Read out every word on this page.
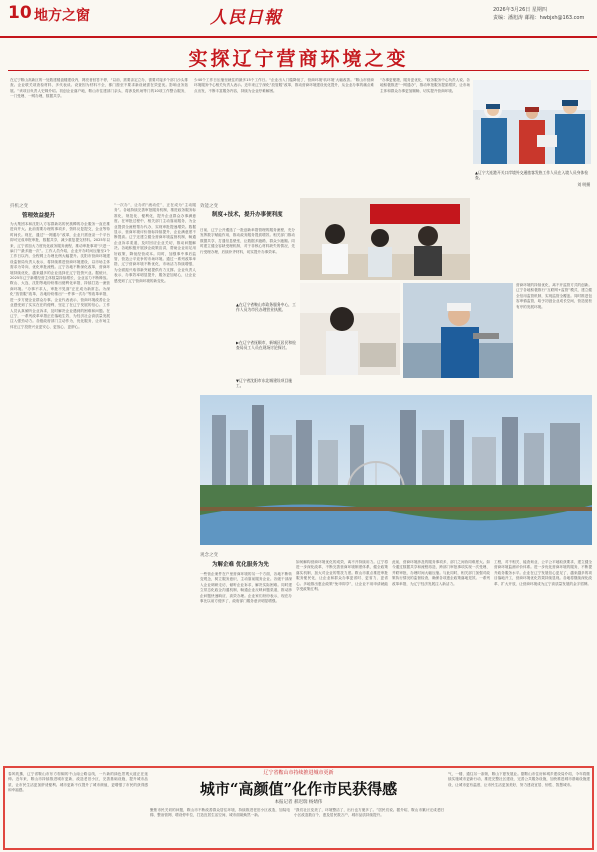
10 地方之窗	人民日報	2026年3月26日 星期四
责编：潘旭涛 邮箱：hwbjxh@163.com
实探辽宁营商环境之变
在辽宁鞍山高新区的一处数建楼盘楼建设内，网亮者回答不停，“以前，需要亲定立办，需要对接多个部门沙头排查。企业联关项查检材料，多代表谈。设查因为材料不全，都门窗至不要求新设就需在效更优。影响业务拓展。”该项目负责人史姝介绍。初创企业落户地，鞍山市住建部门亲头，将涉及机场等门的10项工作整合服务，一门受理、一网办理，数据共享。
少40个工作日压缩至就住的最多15个工作日。“企业出入门槛降低了，营商环境‘软环境’大幅改善。”鞍山市营商环境服务中心相关负责人表示。近年来辽宁深化“放管服”改革，推动营商环境建设优化提升，从企业办事的痛点难点出发，不断丰富服务内容，持续为企业纾难解困。
“办事更便捷，服务更优化，”政务服务中心负责人说。各地积极推进“一网通办”，推动审批服务提质增效，让市场主体和群众办事更加顺畅，切实提升营商环境。
▲辽宁大连港开关口岸境外交通旅客发热工作人员在入境人员身体检查。
刘 明摄
抖机之变
管理效益提升
为大集团本和沈阳入方容群新站的民族樽的办企服务一直在推进向并大。此前需要办理的事项多，资料反复提交，企业等待时间长。现在，通过“一网通办”改革，企业只需登录一个平台即可完成申报审批，数据共享，减少重复提交材料。2025年以来，辽宁省加大力度优化政务服务流程，推动审批事项“只进一扇门”“最多跑一次”。工作人员介绍，企业开办时间压缩至1个工作日以内，全程网上办理比例大幅提升。沈阳市营商环境建设监督局负责人表示，将持续推进营商环境建设，以市场主体需求为导向，优化审批流程。辽宁各地不断深化改革，营商环境持续优化，越来越多的企业选择在辽宁投资兴业。据统计，2025年辽宁新增经营主体数量持续增长，企业活力不断释放。鞍山、大连、沈阳等地纷纷推出便利化举措，持续打造一流营商环境。“办事不求人，审批不见面”正在成为新常态。为深化“放管服”改革，各地纷纷推出“一件事一次办”等改革举措，进一步方便企业群众办事。企业代表表示，营商环境改善让企业感受到了实实在在的便利，坚定了在辽宁发展的信心。工作人员认真倾听企业诉求，及时解决企业遇到的困难和问题。在辽宁，一系列改革举措正在落地生效，为经济社会高质量发展注入强劲动力。各级政府部门主动作为，优化服务，让市场主体在辽宁投资兴业更安心、更放心、更舒心。
“一次办”，让办的“流动佐”，正在成为“主动服务”。各地持续完善审批服务机制，推进政务服务标准化、规范化、便利化，提升企业群众办事满意度。在审批过程中，相关部门主动靠前服务，为企业提供全流程帮办代办，实现审批提速增效。数据显示，营商环境评价指标持续提升，企业满意度不断提高。辽宁还建立健全营商环境监督机制，畅通企业诉求渠道，及时回应企业关切，推动问题解决。各地积极开展涉企政策宣讲，帮助企业用足用好政策，降低经营成本。同时，加强事中事后监管，营造公平竞争的市场环境。通过一系列改革举措，辽宁营商环境不断优化，市场活力持续增强，为全面振兴取得新突破提供有力支撑。企业负责人表示，办事效率明显提升，服务更加贴心，让企业感受到了辽宁营商环境的新变化。
效能之变
制度+技术，提升办事便利度
日前，辽宁公开遴选了一批创新举措管理的服务流程，充分发挥数字赋能作用，推动政务服务提质增效。相关部门推动数据共享，打通信息壁垒，让数据多跑路，群众少跑腿。同时建立健全容缺受理机制，对于非核心材料缺失的情况，先行受理办理，后续补齐材料，切实提升办事效率。
▲在辽宁省鞍山市政务服务中心，工作人员为市民办理营业执照。
▶在辽宁省抚顺市，新城区居民和检查局员工人员在现场讨论探讨。
▼辽宁省沈阳市东北城建设项目施工。
营商环境的持续优化，离不开监管方式的创新。辽宁各地积极推行“互联网+监管”模式，建立健全信用监管机制，实现监管全覆盖。同时推进包容审慎监管，给予初创企业成长空间，营造宽松有序的发展环境。
观念之变
为解企难 优化服务为先
一些营企案件在户里营商环境的另一个方面，各地不断转变观念，树立服务意识，主动靠前服务企业。各级干部深入企业调研走访，倾听企业诉求，解决实际困难。同时建立常态化政企沟通机制，畅通企业反映问题渠道，推动涉企问题快速响应、高效办理。企业家们纷纷表示，现在办事比以前方便多了，政府部门服务意识明显增强。
如何解构营商环境优化的成效，离不开持续用力。辽宁将进一步深化改革，不断完善营商环境制度体系，健全政策落实机制，加大对企业的帮扶力度。鞍山市重点推进审批服务便民化，让企业和群众办事更省时、更省力、更省心。多地推出惠企政策“免申即享”，让企业不用申请就能享受政策红利。
此前，营商环境涉及的服务事项多，部门之间协同难度大。如今通过数据共享和流程再造，跨部门审批事项实现一次受理、并联审批，办理时间大幅压缩。与此同时，相关部门加强对政策执行情况的监督检查，确保各项惠企政策落地见效。一系列改革举措，为辽宁经济发展注入新活力。
工程，对不相关、能查询业、公平公平地取获要求，建立健全营商环境监测评价体系。进一步优化营商环境的服务，不断提升政务服务水平。企业在辽宁发展信心更足了，越来越多的项目落地开工，营商环境优化效果持续显现。各地将继续深化改革、扩大开放，让营商环境成为辽宁高质量发展的金字招牌。
辽宁省鞍山市持续推进城市更新
城市“高颜值”化作市民获得感
本报记者 郝迟瑞 杨婧伟
春风吹拂，辽宁省鞍山市东方棕榈的千山南公路沿线，一片新的绿色景观大道正在延伸。近年来，鞍山市持续推进城市更新，改造老旧小区，完善基础设施，提升城市品质，让市民生活更加舒适便利。城市更新不仅提升了城市颜值，更增强了市民的获得感和幸福感。
聚焦市民关切的问题，鞍山市不断改善群众居住环境，持续推进老旧小区改造，加装电梯、整治管网、增设停车位，打造宜居生活空间，城市面貌焕然一新。
“我们社区变美了，环境整洁了，出行也方便多了。”居民们说。据介绍，鞍山市累计完成老旧小区改造数百个，惠及居民数万户，城市品质持续提升。
气，一楼、通往另一条街，鞍山下夏发展业。据鞍山市住房和城乡建设局介绍，今年将继续实施城市更新行动，推进完整社区建设，完善公共服务设施，加快推进城市基础设施建设，让城市更有温度，让市民生活更加美好，努力建设宜居、韧性、智慧城市。
